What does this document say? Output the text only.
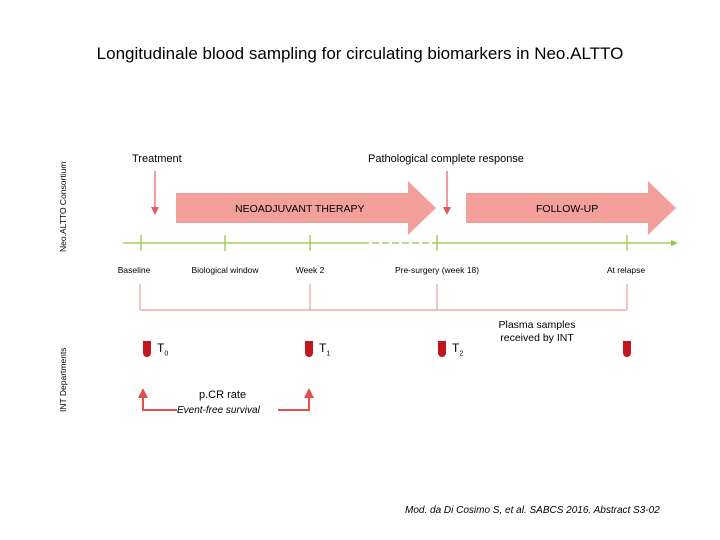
Longitudinale blood sampling for circulating biomarkers in Neo.ALTTO
Neo.ALTTO Consortium
INT Departments
Treatment	Pathological complete response
NEOADJUVANT THERAPY	FOLLOW-UP
Baseline	Biological window	Week 2	Pre-surgery (week 18)	At relapse
$T_0$	$T_1$	$T_2$
Plasma samples
received by INT
p.CR rate
Event-free survival
Mod. da Di Cosimo S, et al. SABCS 2016. Abstract S3-02
